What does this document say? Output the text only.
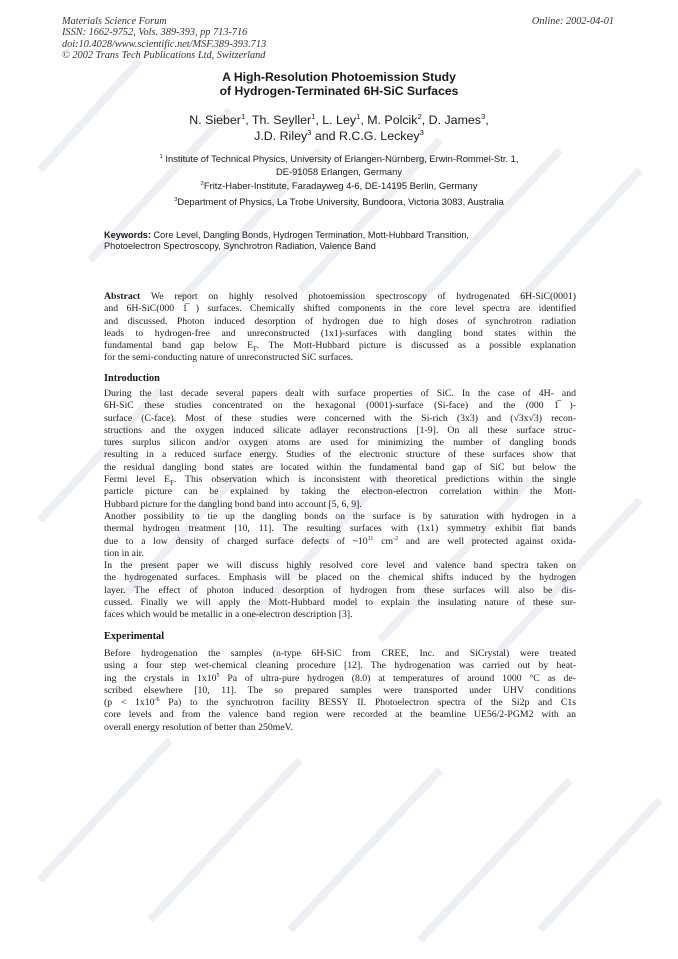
Materials Science Forum
ISSN: 1662-9752, Vols. 389-393, pp 713-716
doi:10.4028/www.scientific.net/MSF.389-393.713
© 2002 Trans Tech Publications Ltd, Switzerland
Online: 2002-04-01
A High-Resolution Photoemission Study
of Hydrogen-Terminated 6H-SiC Surfaces
N. Sieber$^1$, Th. Seyller$^1$, L. Ley$^1$, M. Polcik$^2$, D. James$^3$,
J.D. Riley$^3$ and R.C.G. Leckey$^3$
$^1$ Institute of Technical Physics, University of Erlangen-Nürnberg, Erwin-Rommel-Str. 1,
DE-91058 Erlangen, Germany
$^2$Fritz-Haber-Institute, Faradayweg 4-6, DE-14195 Berlin, Germany
$^3$Department of Physics, La Trobe University, Bundoora, Victoria 3083, Australia
Keywords: Core Level, Dangling Bonds, Hydrogen Termination, Mott-Hubbard Transition,
Photoelectron Spectroscopy, Synchrotron Radiation, Valence Band
Abstract We report on highly resolved photoemission spectroscopy of hydrogenated 6H-SiC(0001)
and 6H-SiC(000 1̅ ) surfaces. Chemically shifted components in the core level spectra are identified
and discussed. Photon induced desorption of hydrogen due to high doses of synchrotron radiation
leads to hydrogen-free and unreconstructed (1x1)-surfaces with dangling bond states within the
fundamental band gap below $E_F$. The Mott-Hubbard picture is discussed as a possible explanation
for the semi-conducting nature of unreconstructed SiC surfaces.
Introduction
During the last decade several papers dealt with surface properties of SiC. In the case of 4H- and
6H-SiC these studies concentrated on the hexagonal (0001)-surface (Si-face) and the (000 1̅ )-
surface (C-face). Most of these studies were concerned with the Si-rich (3x3) and (√3x√3) recon-
structions and the oxygen induced silicate adlayer reconstructions [1-9]. On all these surface struc-
tures surplus silicon and/or oxygen atoms are used for minimizing the number of dangling bonds
resulting in a reduced surface energy. Studies of the electronic structure of these surfaces show that
the residual dangling bond states are located within the fundamental band gap of SiC but below the
Fermi level $E_F$. This observation which is inconsistent with theoretical predictions within the single
particle picture can be explained by taking the electron-electron correlation within the Mott-
Hubbard picture for the dangling bond band into account [5, 6, 9].
Another possibility to tie up the dangling bonds on the surface is by saturation with hydrogen in a
thermal hydrogen treatment [10, 11]. The resulting surfaces with (1x1) symmetry exhibit flat bands
due to a low density of charged surface defects of $\sim 10^{11}$ $cm^{-2}$ and are well protected against oxida-
tion in air.
In the present paper we will discuss highly resolved core level and valence band spectra taken on
the hydrogenated surfaces. Emphasis will be placed on the chemical shifts induced by the hydrogen
layer. The effect of photon induced desorption of hydrogen from these surfaces will also be dis-
cussed. Finally we will apply the Mott-Hubbard model to explain the insulating nature of these sur-
faces which would be metallic in a one-electron description [3].
Experimental
Before hydrogenation the samples (n-type 6H-SiC from CREE, Inc. and SiCrystal) were treated
using a four step wet-chemical cleaning procedure [12]. The hydrogenation was carried out by heat-
ing the crystals in $1x10^5$ Pa of ultra-pure hydrogen (8.0) at temperatures of around 1000 °C as de-
scribed elsewhere [10, 11]. The so prepared samples were transported under UHV conditions
($p < 1x10^{-6}$ Pa) to the synchrotron facility BESSY II. Photoelectron spectra of the Si2p and C1s
core levels and from the valence band region were recorded at the beamline UE56/2-PGM2 with an
overall energy resolution of better than 250meV.
